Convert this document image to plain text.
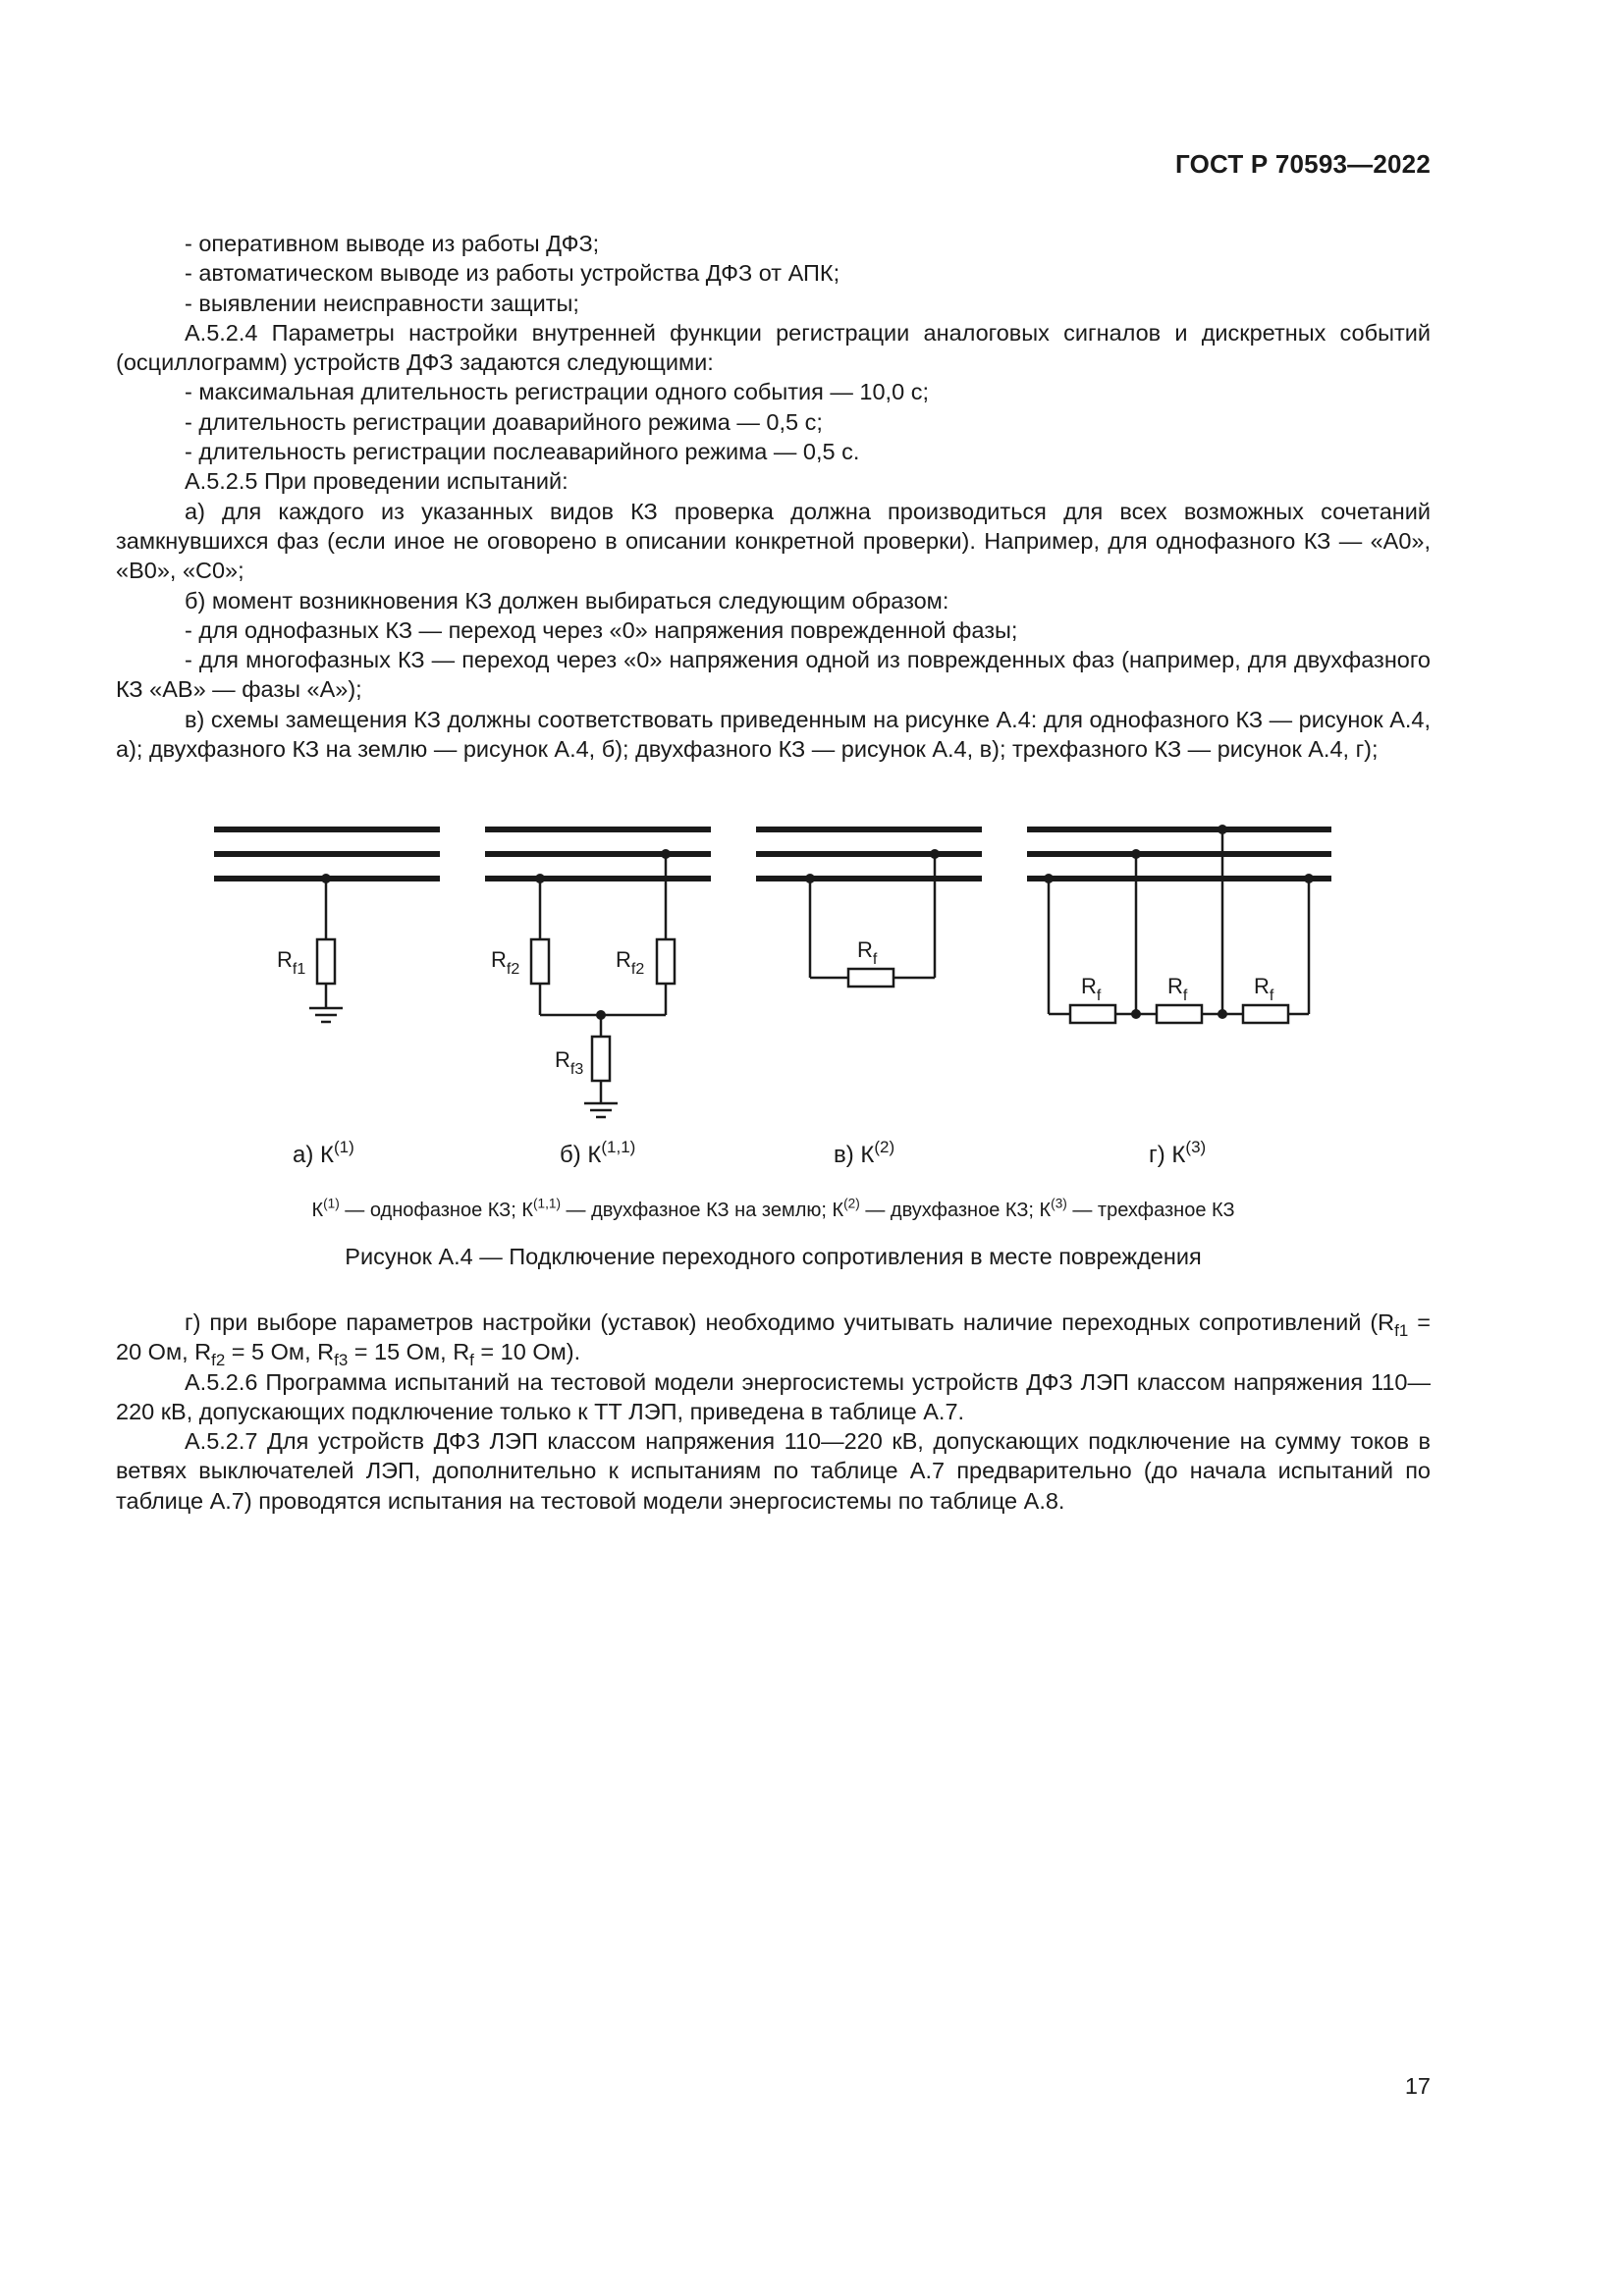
ГОСТ Р 70593—2022

- оперативном выводе из работы ДФЗ;

- автоматическом выводе из работы устройства ДФЗ от АПК;

- выявлении неисправности защиты;

А.5.2.4 Параметры настройки внутренней функции регистрации аналоговых сигналов и дискретных событий (осциллограмм) устройств ДФЗ задаются следующими:

- максимальная длительность регистрации одного события — 10,0 с;

- длительность регистрации доаварийного режима — 0,5 с;

- длительность регистрации послеаварийного режима — 0,5 с.

А.5.2.5 При проведении испытаний:

а) для каждого из указанных видов КЗ проверка должна производиться для всех возможных сочетаний замкнувшихся фаз (если иное не оговорено в описании конкретной проверки). Например, для однофазного КЗ — «А0», «В0», «С0»;

б) момент возникновения КЗ должен выбираться следующим образом:

- для однофазных КЗ — переход через «0» напряжения поврежденной фазы;

- для многофазных КЗ — переход через «0» напряжения одной из поврежденных фаз (например, для двухфазного КЗ «АВ» — фазы «А»);

в) схемы замещения КЗ должны соответствовать приведенным на рисунке А.4: для однофазного КЗ — рисунок А.4, а); двухфазного КЗ на землю — рисунок А.4, б); двухфазного КЗ — рисунок А.4, в); трехфазного КЗ — рисунок А.4, г);

$R_{f1}$	$R_{f2}$	$R_{f2}$
$R_{f3}$
$R_f$
$R_f$	$R_f$	$R_f$
а) $К^{(1)}$	б) К$^{(1,1)}$	в) $К^{(2)}$	г) $К^{(3)}$
$К^{(1)}$ — однофазное КЗ; К$^{(1,1)}$ — двухфазное КЗ на землю; $К^{(2)}$ — двухфазное КЗ; $К^{(3)}$ — трехфазное КЗ
Рисунок А.4 — Подключение переходного сопротивления в месте повреждения

г) при выборе параметров настройки (уставок) необходимо учитывать наличие переходных сопротивлений ($R_{f1} = 20$ Ом, $R_{f2} = 5$ Ом, $R_{f3} = 15$ Ом, $R_f = 10$ Ом).

А.5.2.6 Программа испытаний на тестовой модели энергосистемы устройств ДФЗ ЛЭП классом напряжения 110—220 кВ, допускающих подключение только к ТТ ЛЭП, приведена в таблице А.7.

А.5.2.7 Для устройств ДФЗ ЛЭП классом напряжения 110—220 кВ, допускающих подключение на сумму токов в ветвях выключателей ЛЭП, дополнительно к испытаниям по таблице А.7 предварительно (до начала испытаний по таблице А.7) проводятся испытания на тестовой модели энергосистемы по таблице А.8.

17
